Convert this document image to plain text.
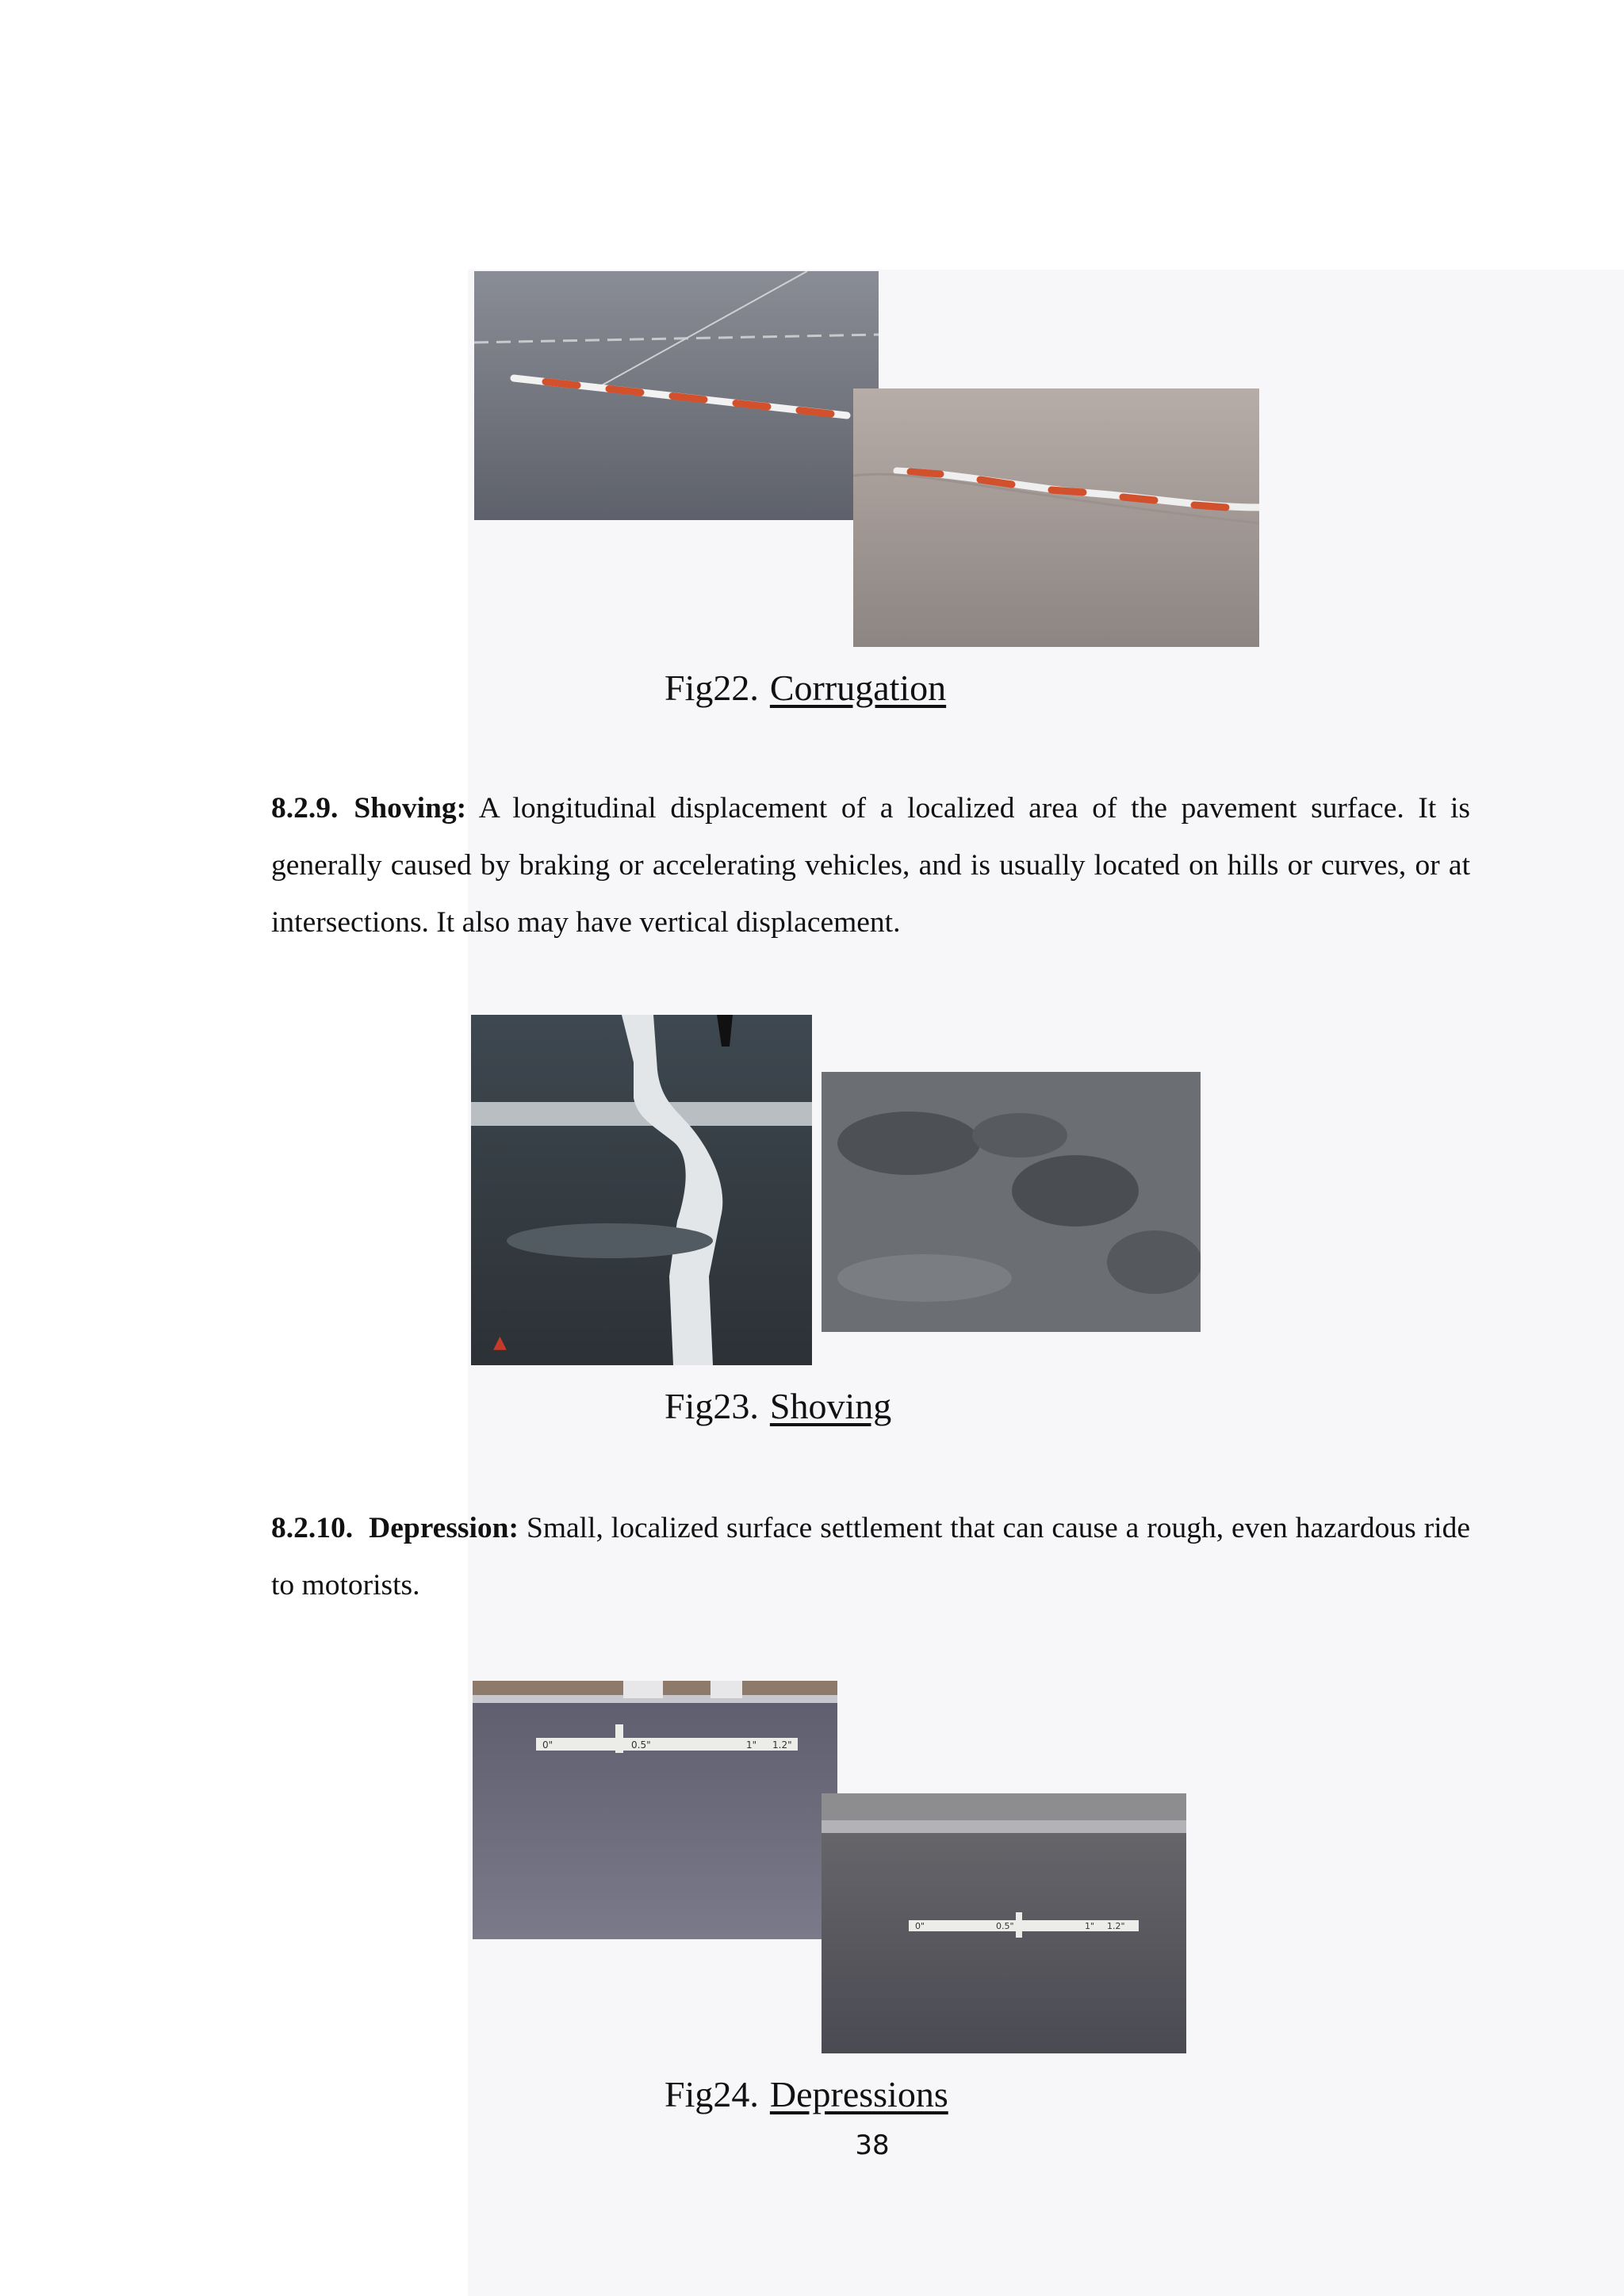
Fig22. Corrugation
8.2.9. Shoving: A longitudinal displacement of a localized area of the pavement surface. It is generally caused by braking or accelerating vehicles, and is usually located on hills or curves, or at intersections. It also may have vertical displacement.
▲
Fig23. Shoving
8.2.10. Depression: Small, localized surface settlement that can cause a rough, even hazardous ride to motorists.
0"	0.5"	1" 1.2"
0"	0.5"	1" 1.2"
Fig24. Depressions
38
